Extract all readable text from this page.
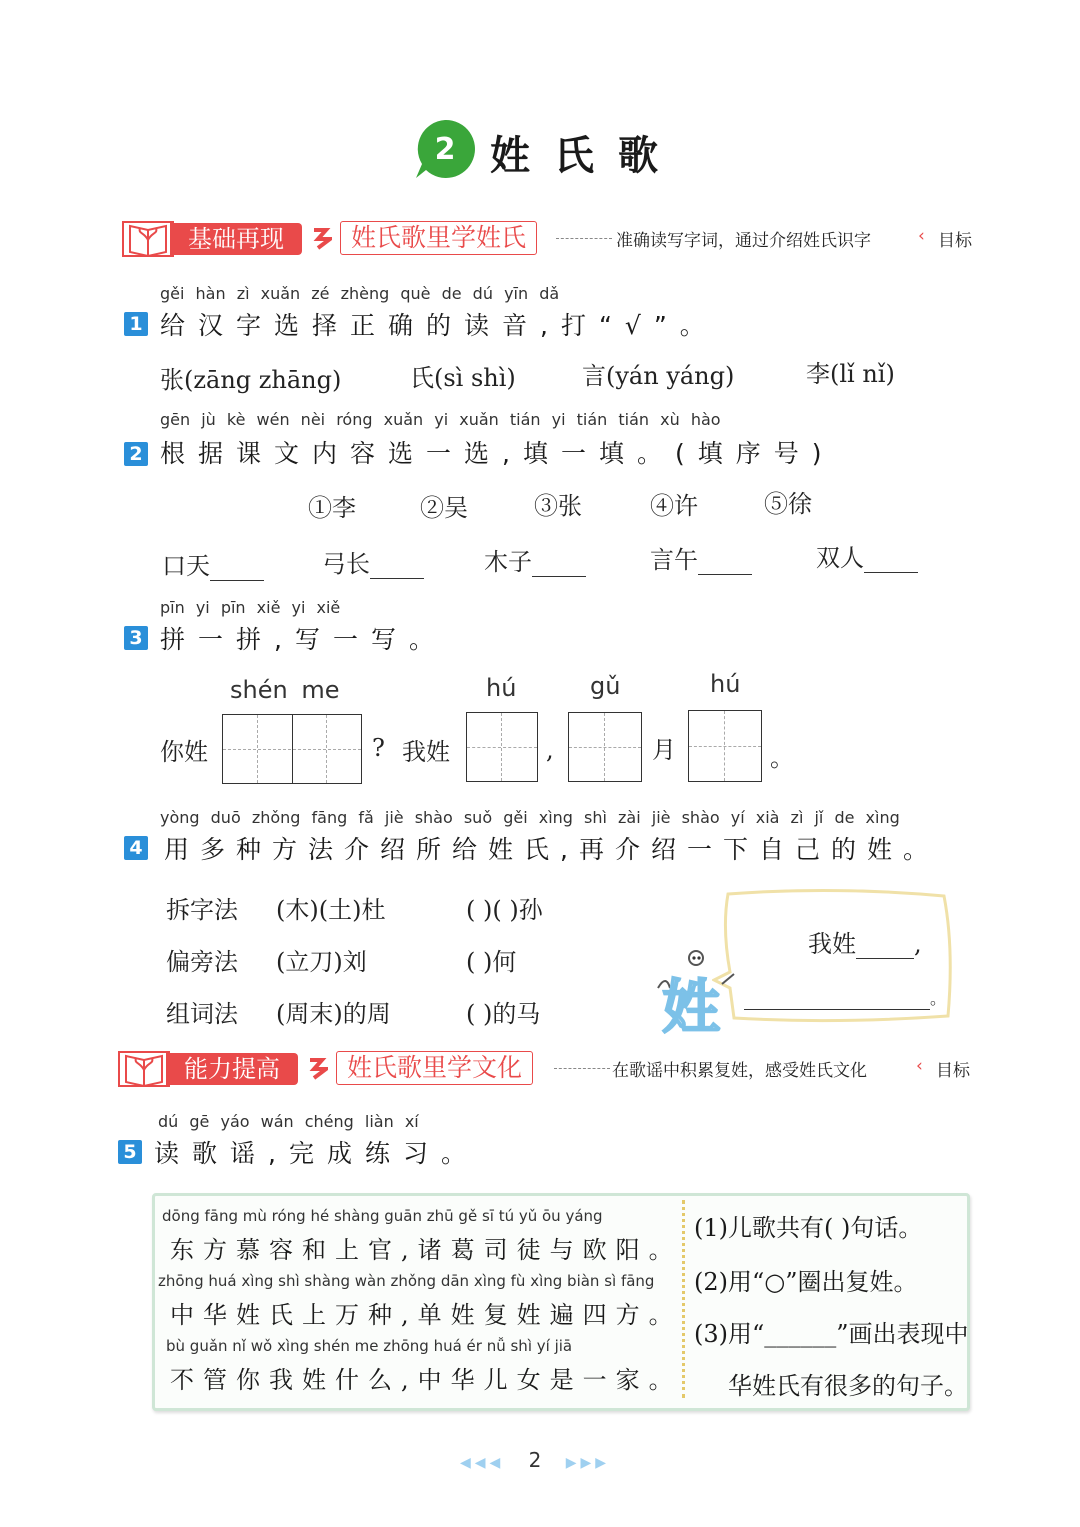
2 姓氏歌
基础再现	姓氏歌里学姓氏	准确读写字词，通过介绍姓氏识字	‹ 目标
gěi hàn zì xuǎn zé zhèng què de dú yīn dǎ
1 给汉字选择正确的读音,打“√”。
张(zāng zhāng)	氏(sì shì)	言(yán yáng)	李(lǐ nǐ)
gēn jù kè wén nèi róng xuǎn yi xuǎn tián yi tián tián xù hào
2 根据课文内容选一选,填一填。(填序号)
①李	②吴	③张	④许	⑤徐
口天	弓长	木子	言午	双人
pīn yi pīn xiě yi xiě
3 拼一拼,写一写。
shén me	hú	gǔ	hú
你姓	? 我姓	,	月	。
yòng duō zhǒng fāng fǎ jiè shào suǒ gěi xìng shì zài jiè shào yí xià zì jǐ de xìng
4 用多种方法介绍所给姓氏,再介绍一下自己的姓。
拆字法 (木)(土)杜	( )( )孙
偏旁法 (立刀)刘	( )何
组词法 (周末)的周	( )的马
我姓 ,
。
姓
能力提高	姓氏歌里学文化	在歌谣中积累复姓，感受姓氏文化	‹ 目标
dú gē yáo wán chéng liàn xí
5 读歌谣,完成练习。
dōng fāng mù róng hé shàng guān zhū gě sī tú yǔ ōu yáng
东方慕容和上官,诸葛司徒与欧阳。
zhōng huá xìng shì shàng wàn zhǒng dān xìng fù xìng biàn sì fāng
中华姓氏上万种,单姓复姓遍四方。
bù guǎn nǐ wǒ xìng shén me zhōng huá ér nǚ shì yí jiā
不管你我姓什么,中华儿女是一家。
(1)儿歌共有( )句话。
(2)用“○”圈出复姓。
(3)用“______”画出表现中
华姓氏有很多的句子。
◀◀◀ 2 ▶▶▶
